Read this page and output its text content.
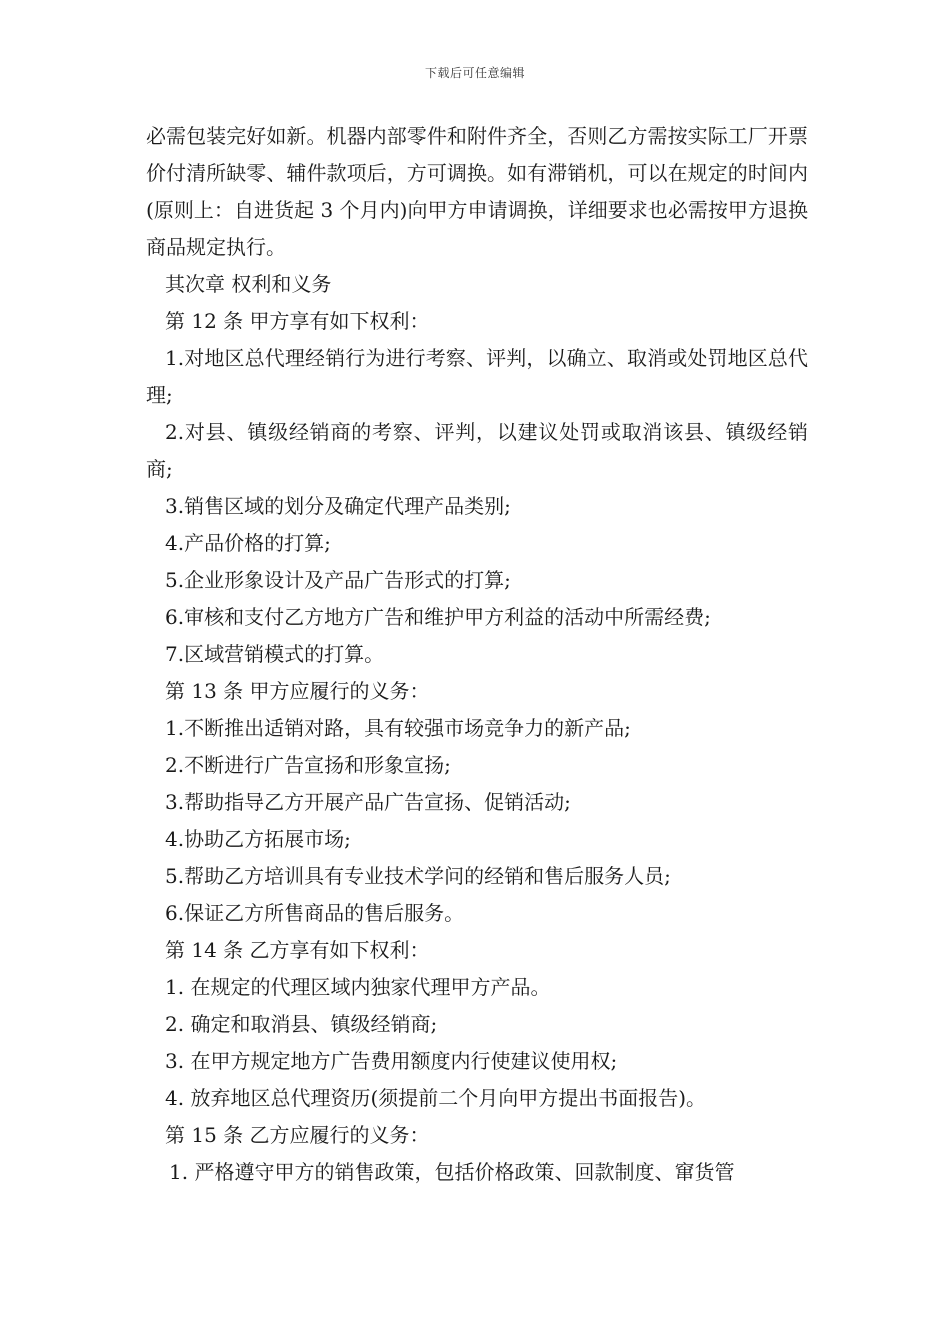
下载后可任意编辑

必需包装完好如新。机器内部零件和附件齐全，否则乙方需按实际工厂开票价付清所缺零、辅件款项后，方可调换。如有滞销机，可以在规定的时间内(原则上：自进货起 3 个月内)向甲方申请调换，详细要求也必需按甲方退换商品规定执行。

其次章 权利和义务

第 12 条 甲方享有如下权利：

1.对地区总代理经销行为进行考察、评判，以确立、取消或处罚地区总代理;

2.对县、镇级经销商的考察、评判，以建议处罚或取消该县、镇级经销商;

3.销售区域的划分及确定代理产品类别;

4.产品价格的打算;

5.企业形象设计及产品广告形式的打算;

6.审核和支付乙方地方广告和维护甲方利益的活动中所需经费;

7.区域营销模式的打算。

第 13 条 甲方应履行的义务：

1.不断推出适销对路，具有较强市场竞争力的新产品;

2.不断进行广告宣扬和形象宣扬;

3.帮助指导乙方开展产品广告宣扬、促销活动;

4.协助乙方拓展市场;

5.帮助乙方培训具有专业技术学问的经销和售后服务人员;

6.保证乙方所售商品的售后服务。

第 14 条 乙方享有如下权利：

1. 在规定的代理区域内独家代理甲方产品。

2. 确定和取消县、镇级经销商;

3. 在甲方规定地方广告费用额度内行使建议使用权;

4. 放弃地区总代理资历(须提前二个月向甲方提出书面报告)。

第 15 条 乙方应履行的义务：

1. 严格遵守甲方的销售政策，包括价格政策、回款制度、窜货管
